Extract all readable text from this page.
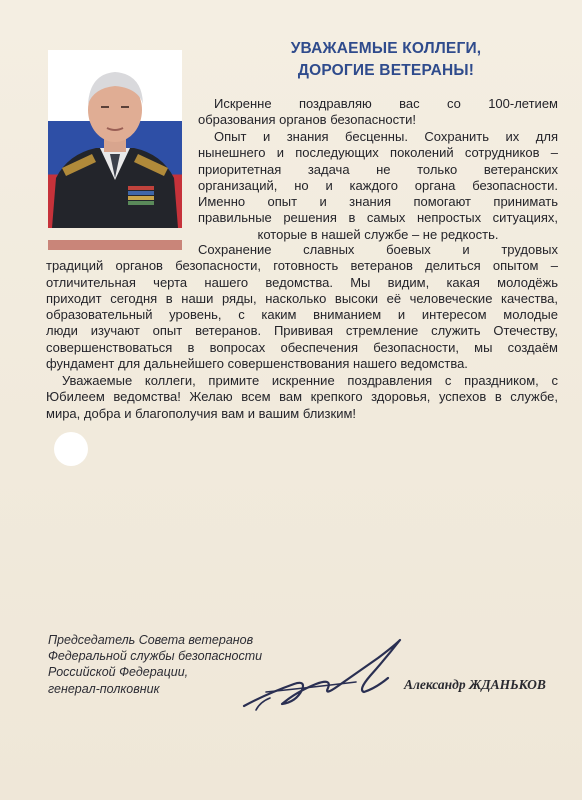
УВАЖАЕМЫЕ КОЛЛЕГИ,
ДОРОГИЕ ВЕТЕРАНЫ!
Искренне поздравляю вас со 100-летием
образования органов безопасности!
Опыт и знания бесценны. Сохранить их для
нынешнего и последующих поколений сотрудников –
приоритетная задача не только ветеранских
организаций, но и каждого органа безопасности.
Именно опыт и знания помогают принимать
правильные решения в самых непростых ситуациях,
которые в нашей службе – не редкость.
Сохранение славных боевых и трудовых
традиций органов безопасности, готовность ветеранов делиться опытом –
отличительная черта нашего ведомства. Мы видим, какая молодёжь
приходит сегодня в наши ряды, насколько высоки её человеческие качества,
образовательный уровень, с каким вниманием и интересом молодые
люди изучают опыт ветеранов. Прививая стремление служить Отечеству,
совершенствоваться в вопросах обеспечения безопасности, мы создаём
фундамент для дальнейшего совершенствования нашего ведомства.
Уважаемые коллеги, примите искренние поздравления с праздником, с
Юбилеем ведомства! Желаю всем вам крепкого здоровья, успехов в службе,
мира, добра и благополучия вам и вашим близким!
Председатель Совета ветеранов
Федеральной службы безопасности
Российской Федерации,
генерал-полковник	Александр ЖДАНЬКОВ
